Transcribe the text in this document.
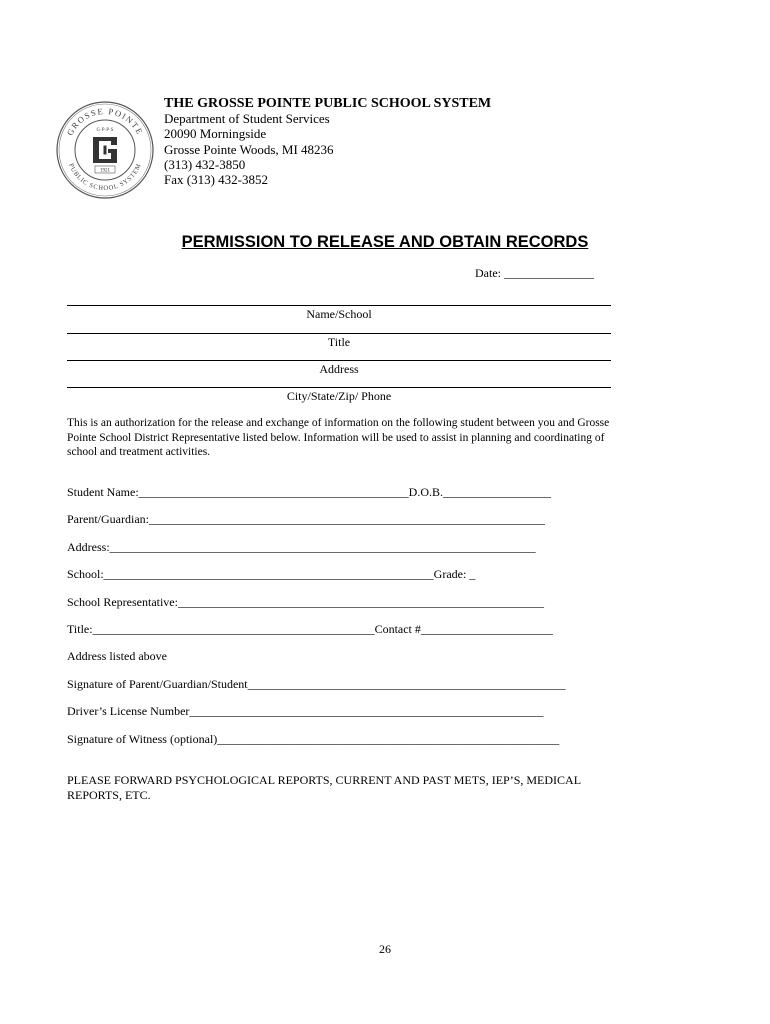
GROSSE POINTE
PUBLIC SCHOOL SYSTEM
G·P·P·S
1921
THE GROSSE POINTE PUBLIC SCHOOL SYSTEM
Department of Student Services
20090 Morningside
Grosse Pointe Woods, MI 48236
(313) 432-3850
Fax (313) 432-3852
PERMISSION TO RELEASE AND OBTAIN RECORDS
Date: _______________
Name/School
Title
Address
City/State/Zip/ Phone
This is an authorization for the release and exchange of information on the following student between you and Grosse Pointe School District Representative listed below. Information will be used to assist in planning and coordinating of school and treatment activities.
Student Name:_____________________________________________D.O.B.__________________
Parent/Guardian:__________________________________________________________________
Address:_______________________________________________________________________
School:_______________________________________________________Grade: _
School Representative:_____________________________________________________________
Title:_______________________________________________Contact #______________________
Address listed above
Signature of Parent/Guardian/Student_____________________________________________________
Driver’s License Number___________________________________________________________
Signature of Witness (optional)_________________________________________________________
PLEASE FORWARD PSYCHOLOGICAL REPORTS, CURRENT AND PAST METS, IEP’S, MEDICAL REPORTS, ETC.
26
